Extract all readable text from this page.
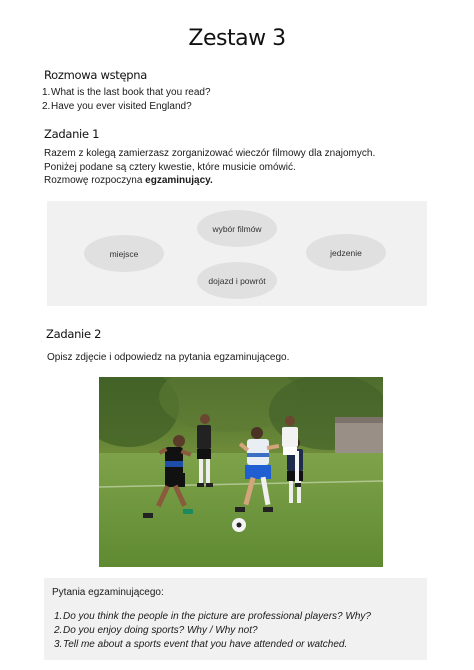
Zestaw 3
Rozmowa wstępna
1.What is the last book that you read?
2.Have you ever visited England?
Zadanie 1
Razem z kolegą zamierzasz zorganizować wieczór filmowy dla znajomych.
Poniżej podane są cztery kwestie, które musicie omówić.
Rozmowę rozpoczyna egzaminujący.
wybór filmów
miejsce	jedzenie
dojazd i powrót
Zadanie 2
Opisz zdjęcie i odpowiedz na pytania egzaminującego.
Pytania egzaminującego:
1.Do you think the people in the picture are professional players? Why?
2.Do you enjoy doing sports? Why / Why not?
3.Tell me about a sports event that you have attended or watched.
